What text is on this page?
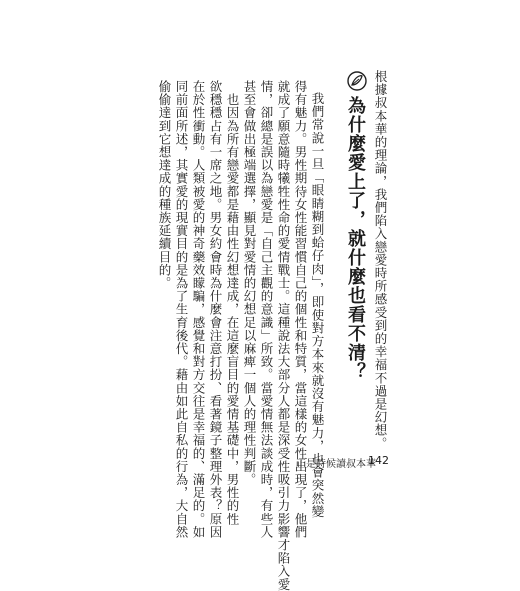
根據叔本華的理論，我們陷入戀愛時所感受到的幸福不過是幻想。
為什麼愛上了，就什麼也看不清？
我們常說一旦「眼睛糊到蛤仔肉」，即使對方本來就沒有魅力，也會突然變
得有魅力。男性期待女性能習慣自己的個性和特質，當這樣的女性出現了，他們
就成了願意隨時犧牲性命的愛情戰士。這種說法大部分人都是深受性吸引力影響才陷入愛
情，卻總是誤以為戀愛是「自己主觀的意識」所致。當愛情無法談成時，有些人
甚至會做出極端選擇，顯見對愛情的幻想足以麻痺一個人的理性判斷。
　也因為所有戀愛都是藉由性幻想達成，在這麼盲目的愛情基礎中，男性的性
欲穩穩占有一席之地。男女約會時為什麼會注意打扮、看著鏡子整理外表？原因
在於性衝動。人類被愛的神奇藥效矇騙，感覺和對方交往是幸福的、滿足的。如
同前面所述，其實愛的現實目的是為了生育後代。藉由如此自私的行為，大自然
偷偷達到它想達成的種族延續目的。
正是時候讀叔本華
142
